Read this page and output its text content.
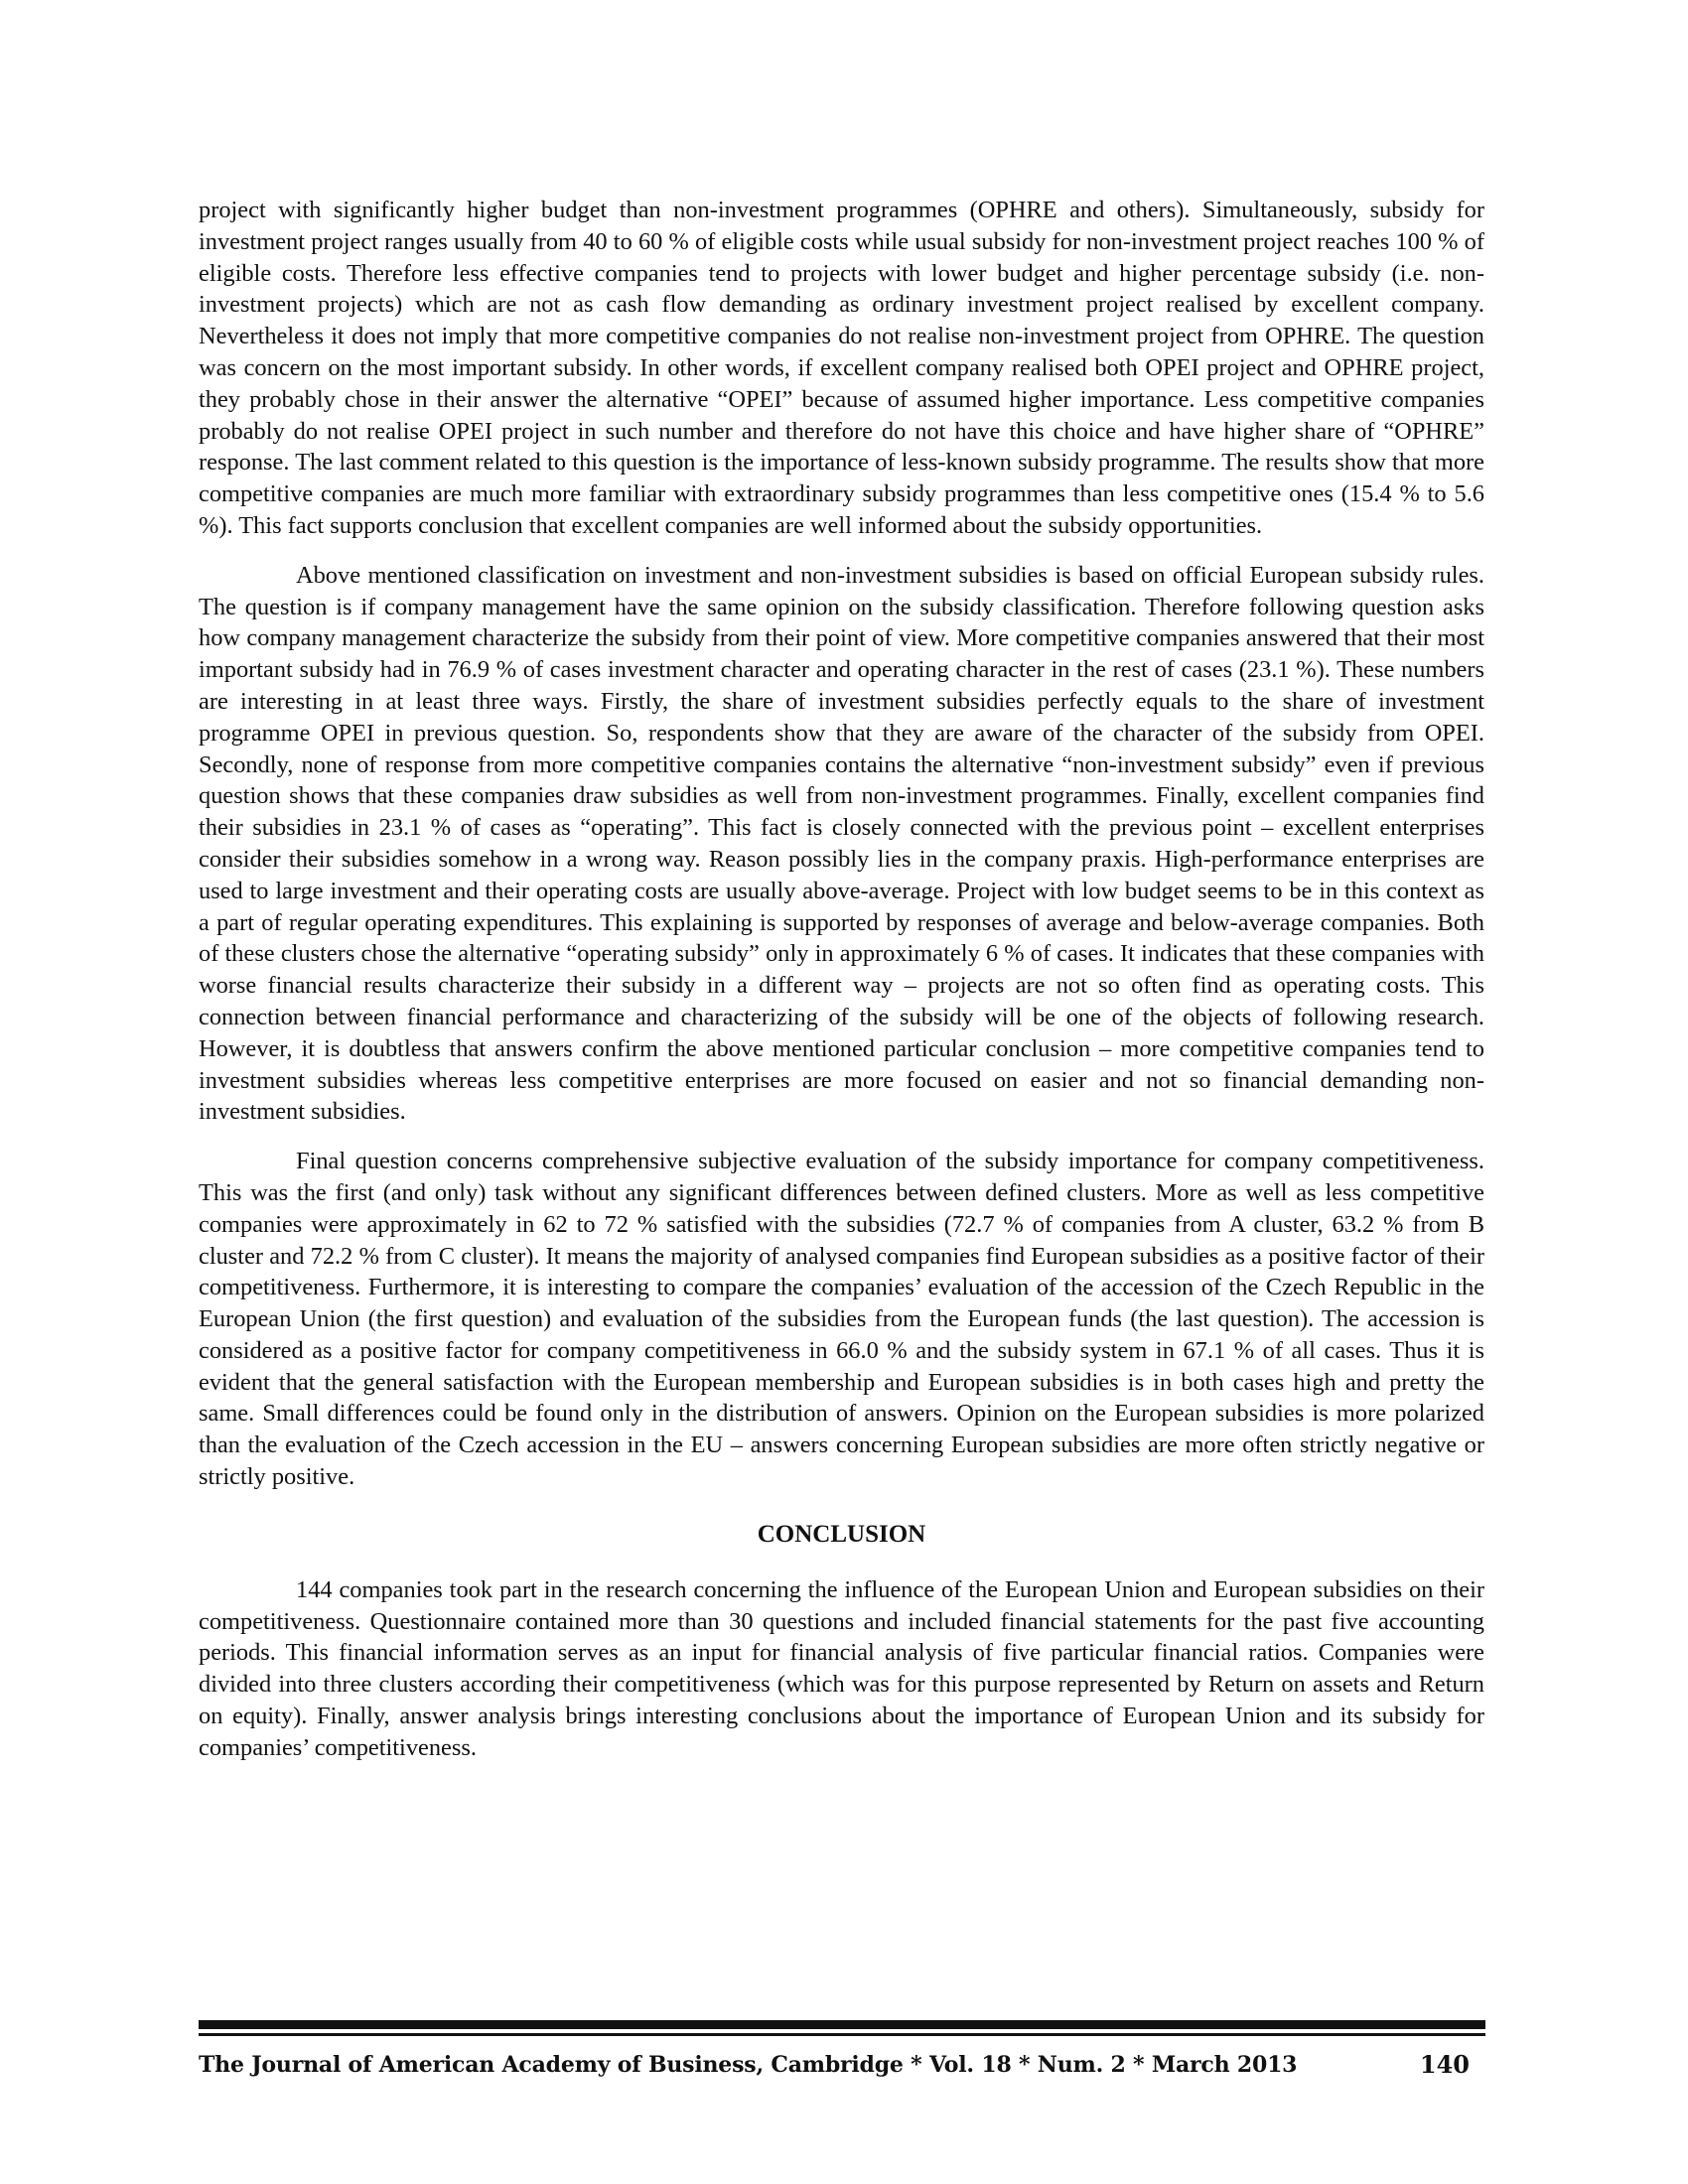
project with significantly higher budget than non-investment programmes (OPHRE and others). Simultaneously, subsidy for investment project ranges usually from 40 to 60 % of eligible costs while usual subsidy for non-investment project reaches 100 % of eligible costs. Therefore less effective companies tend to projects with lower budget and higher percentage subsidy (i.e. non-investment projects) which are not as cash flow demanding as ordinary investment project realised by excellent company. Nevertheless it does not imply that more competitive companies do not realise non-investment project from OPHRE. The question was concern on the most important subsidy. In other words, if excellent company realised both OPEI project and OPHRE project, they probably chose in their answer the alternative “OPEI” because of assumed higher importance. Less competitive companies probably do not realise OPEI project in such number and therefore do not have this choice and have higher share of “OPHRE” response. The last comment related to this question is the importance of less-known subsidy programme. The results show that more competitive companies are much more familiar with extraordinary subsidy programmes than less competitive ones (15.4 % to 5.6 %). This fact supports conclusion that excellent companies are well informed about the subsidy opportunities.

Above mentioned classification on investment and non-investment subsidies is based on official European subsidy rules. The question is if company management have the same opinion on the subsidy classification. Therefore following question asks how company management characterize the subsidy from their point of view. More competitive companies answered that their most important subsidy had in 76.9 % of cases investment character and operating character in the rest of cases (23.1 %). These numbers are interesting in at least three ways. Firstly, the share of investment subsidies perfectly equals to the share of investment programme OPEI in previous question. So, respondents show that they are aware of the character of the subsidy from OPEI. Secondly, none of response from more competitive companies contains the alternative “non-investment subsidy” even if previous question shows that these companies draw subsidies as well from non-investment programmes. Finally, excellent companies find their subsidies in 23.1 % of cases as “operating”. This fact is closely connected with the previous point – excellent enterprises consider their subsidies somehow in a wrong way. Reason possibly lies in the company praxis. High-performance enterprises are used to large investment and their operating costs are usually above-average. Project with low budget seems to be in this context as a part of regular operating expenditures. This explaining is supported by responses of average and below-average companies. Both of these clusters chose the alternative “operating subsidy” only in approximately 6 % of cases. It indicates that these companies with worse financial results characterize their subsidy in a different way – projects are not so often find as operating costs. This connection between financial performance and characterizing of the subsidy will be one of the objects of following research. However, it is doubtless that answers confirm the above mentioned particular conclusion – more competitive companies tend to investment subsidies whereas less competitive enterprises are more focused on easier and not so financial demanding non-investment subsidies.

Final question concerns comprehensive subjective evaluation of the subsidy importance for company competitiveness. This was the first (and only) task without any significant differences between defined clusters. More as well as less competitive companies were approximately in 62 to 72 % satisfied with the subsidies (72.7 % of companies from A cluster, 63.2 % from B cluster and 72.2 % from C cluster). It means the majority of analysed companies find European subsidies as a positive factor of their competitiveness. Furthermore, it is interesting to compare the companies’ evaluation of the accession of the Czech Republic in the European Union (the first question) and evaluation of the subsidies from the European funds (the last question). The accession is considered as a positive factor for company competitiveness in 66.0 % and the subsidy system in 67.1 % of all cases. Thus it is evident that the general satisfaction with the European membership and European subsidies is in both cases high and pretty the same. Small differences could be found only in the distribution of answers. Opinion on the European subsidies is more polarized than the evaluation of the Czech accession in the EU – answers concerning European subsidies are more often strictly negative or strictly positive.

CONCLUSION

144 companies took part in the research concerning the influence of the European Union and European subsidies on their competitiveness. Questionnaire contained more than 30 questions and included financial statements for the past five accounting periods. This financial information serves as an input for financial analysis of five particular financial ratios. Companies were divided into three clusters according their competitiveness (which was for this purpose represented by Return on assets and Return on equity). Finally, answer analysis brings interesting conclusions about the importance of European Union and its subsidy for companies’ competitiveness.

The Journal of American Academy of Business, Cambridge * Vol. 18 * Num. 2 * March 2013	140
